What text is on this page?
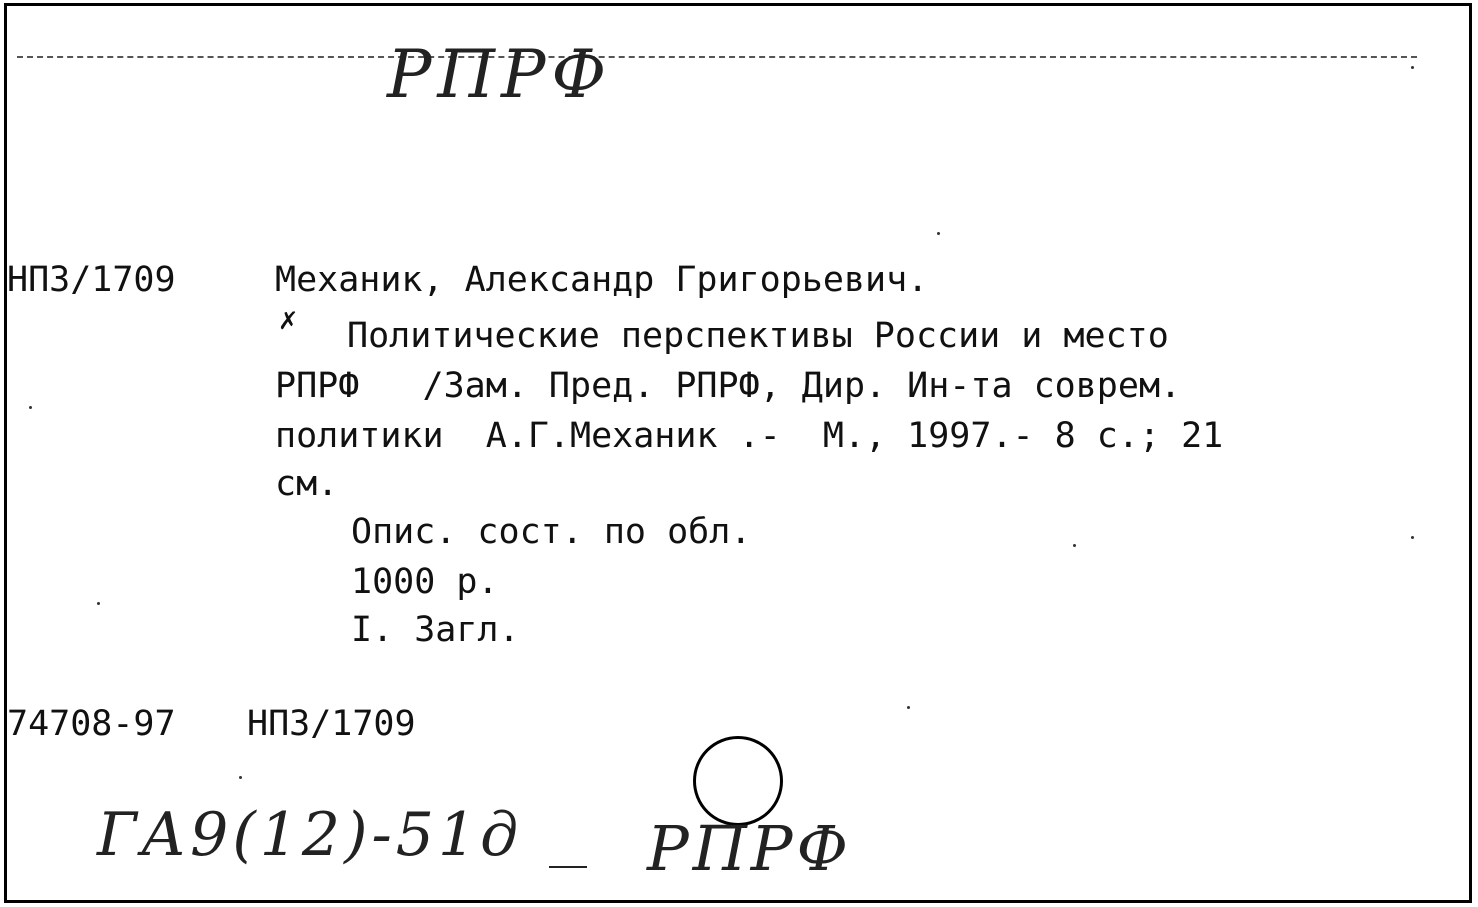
РПРФ
НПЗ/1709	Механик, Александр Григорьевич.
✗ Политические перспективы России и место
РПРФ   /Зам. Пред. РПРФ, Дир. Ин-та соврем.
политики  А.Г.Механик .-  М., 1997.- 8 с.; 21
см.
Опис. сост. по обл.
1000 р.
I. Загл.
74708-97 НПЗ/1709
ГА9(12)-51д РПРФ
